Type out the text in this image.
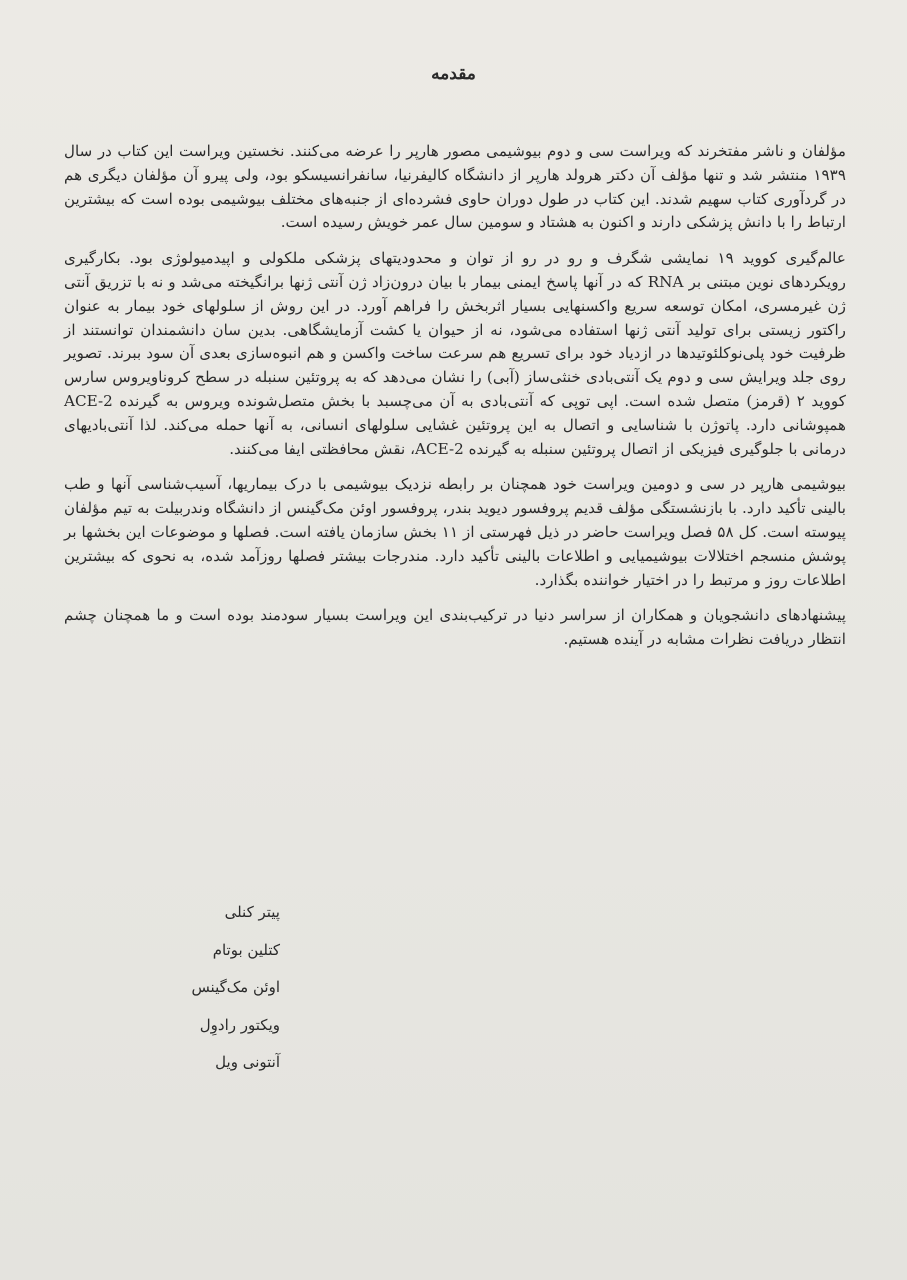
مقدمه

مؤلفان و ناشر مفتخرند که ویراست سی و دوم بیوشیمی مصور هارپر را عرضه می‌کنند. نخستین ویراست این کتاب در سال ۱۹۳۹ منتشر شد و تنها مؤلف آن دکتر هرولد هارپر از دانشگاه کالیفرنیا، سانفرانسیسکو بود، ولی پیرو آن مؤلفان دیگری هم در گردآوری کتاب سهیم شدند. این کتاب در طول دوران حاوی فشرده‌ای از جنبه‌های مختلف بیوشیمی بوده است که بیشترین ارتباط را با دانش پزشکی دارند و اکنون به هشتاد و سومین سال عمر خویش رسیده است.

عالم‌گیری کووید ۱۹ نمایشی شگرف و رو در رو از توان و محدودیتهای پزشکی ملکولی و اپیدمیولوژی بود. بکارگیری رویکردهای نوین مبتنی بر RNA که در آنها پاسخ ایمنی بیمار با بیان درون‌زاد ژن آنتی ژنها برانگیخته می‌شد و نه با تزریق آنتی ژن غیرمسری، امکان توسعه سریع واکسنهایی بسیار اثربخش را فراهم آورد. در این روش از سلولهای خود بیمار به عنوان راکتور زیستی برای تولید آنتی ژنها استفاده می‌شود، نه از حیوان یا کشت آزمایشگاهی. بدین سان دانشمندان توانستند از ظرفیت خود پلی‌نوکلئوتیدها در ازدیاد خود برای تسریع هم سرعت ساخت واکسن و هم انبوه‌سازی بعدی آن سود ببرند. تصویر روی جلد ویرایش سی و دوم یک آنتی‌بادی خنثی‌ساز (آبی) را نشان می‌دهد که به پروتئین سنبله در سطح کروناویروس سارس کووید ۲ (قرمز) متصل شده است. اپی توپی که آنتی‌بادی به آن می‌چسبد با بخش متصل‌شونده ویروس به گیرنده ACE-2 همپوشانی دارد. پاتوژن با شناسایی و اتصال به این پروتئین غشایی سلولهای انسانی، به آنها حمله می‌کند. لذا آنتی‌بادیهای درمانی با جلوگیری فیزیکی از اتصال پروتئین سنبله به گیرنده ACE-2، نقش محافظتی ایفا می‌کنند.

بیوشیمی هارپر در سی و دومین ویراست خود همچنان بر رابطه نزدیک بیوشیمی با درک بیماریها، آسیب‌شناسی آنها و طب بالینی تأکید دارد. با بازنشستگی مؤلف قدیم پروفسور دیوید بندر، پروفسور اوئن مک‌گینس از دانشگاه وندربیلت به تیم مؤلفان پیوسته است. کل ۵۸ فصل ویراست حاضر در ذیل فهرستی از ۱۱ بخش سازمان یافته است. فصلها و موضوعات این بخشها بر پوشش منسجم اختلالات بیوشیمیایی و اطلاعات بالینی تأکید دارد. مندرجات بیشتر فصلها روزآمد شده، به نحوی که بیشترین اطلاعات روز و مرتبط را در اختیار خواننده بگذارد.

پیشنهادهای دانشجویان و همکاران از سراسر دنیا در ترکیب‌بندی این ویراست بسیار سودمند بوده است و ما همچنان چشم انتظار دریافت نظرات مشابه در آینده هستیم.

پیتر کنلی
کتلین بوتام
اوئن مک‌گینس
ویکتور رادوِل
آنتونی ویل
